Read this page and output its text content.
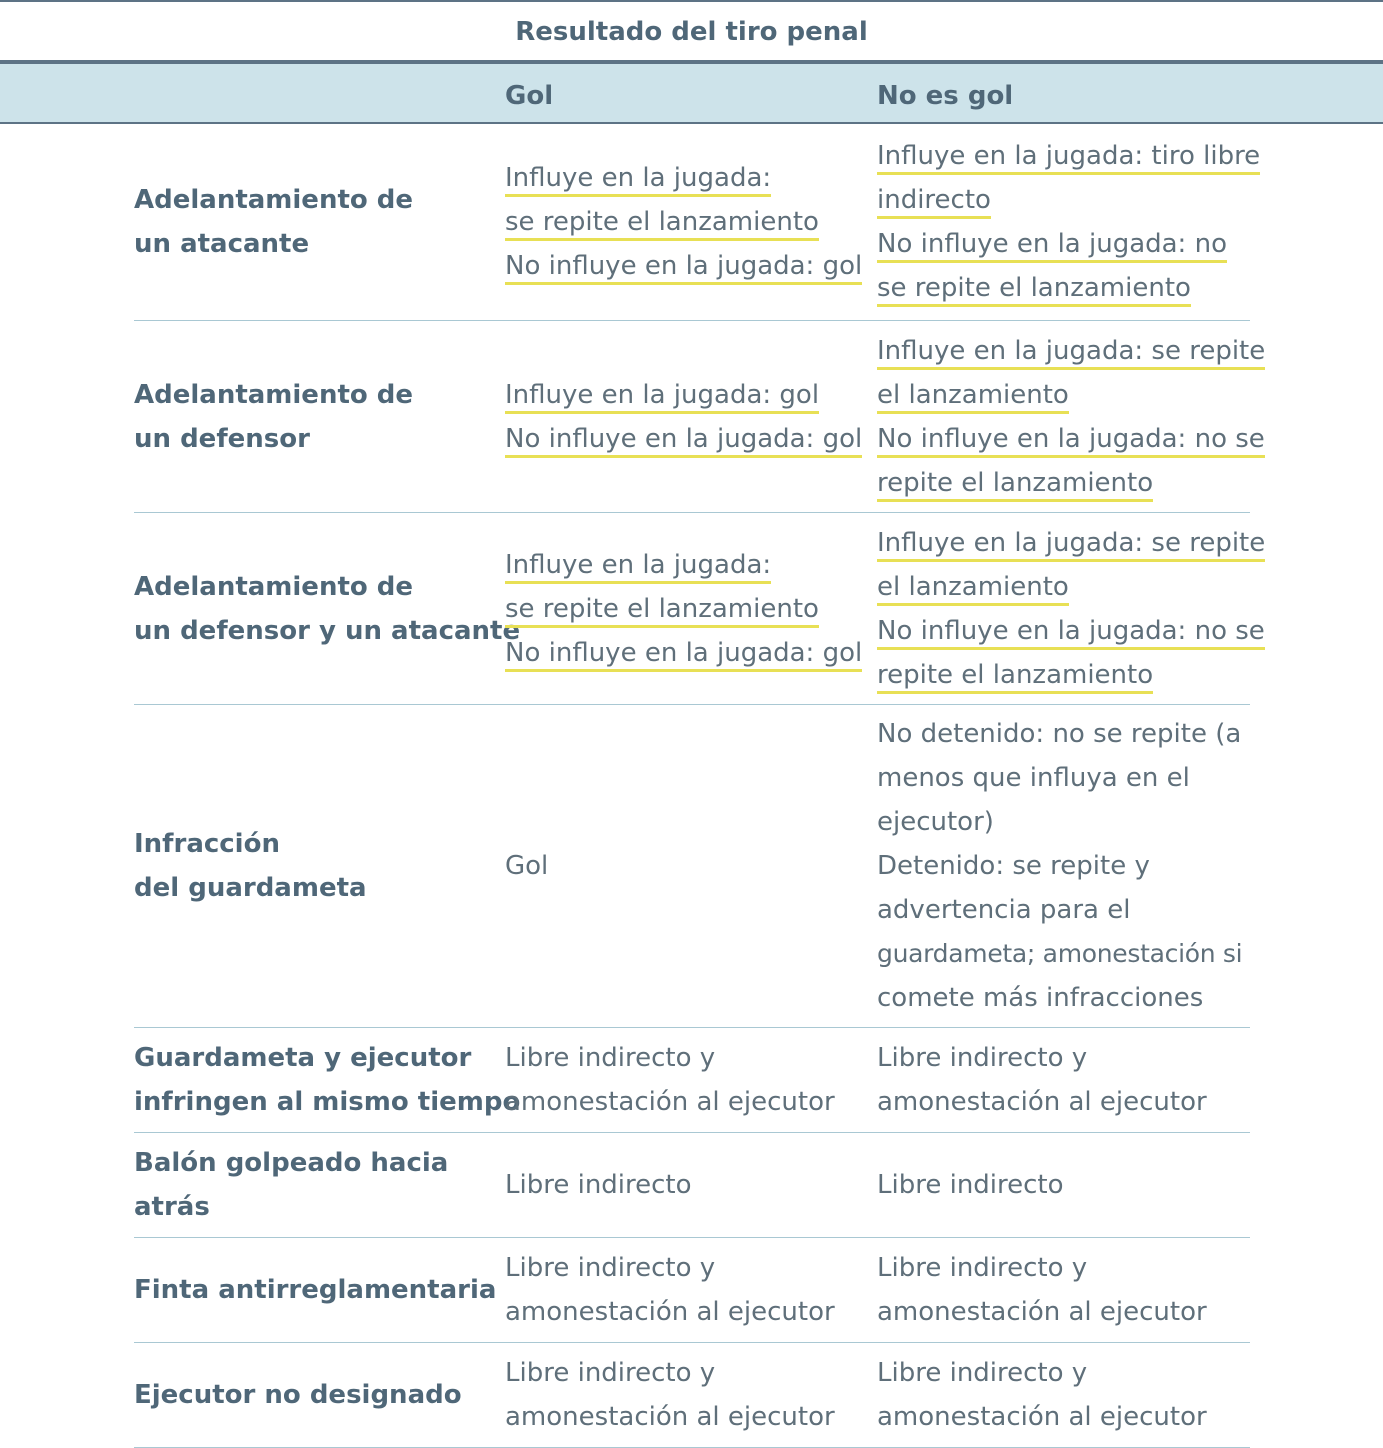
Resultado del tiro penal
Gol	No es gol
Adelantamiento de
un atacante
Influye en la jugada:
se repite el lanzamiento
No influye en la jugada: gol
Influye en la jugada: tiro libre
indirecto
No influye en la jugada: no
se repite el lanzamiento
Adelantamiento de
un defensor
Influye en la jugada: gol
No influye en la jugada: gol
Influye en la jugada: se repite
el lanzamiento
No influye en la jugada: no se
repite el lanzamiento
Adelantamiento de
un defensor y un atacante
Influye en la jugada:
se repite el lanzamiento
No influye en la jugada: gol
Influye en la jugada: se repite
el lanzamiento
No influye en la jugada: no se
repite el lanzamiento
Infracción
del guardameta
Gol
No detenido: no se repite (a
menos que influya en el
ejecutor)
Detenido: se repite y
advertencia para el
guardameta; amonestación si
comete más infracciones
Guardameta y ejecutor
infringen al mismo tiempo
Libre indirecto y
amonestación al ejecutor
Libre indirecto y
amonestación al ejecutor
Balón golpeado hacia
atrás
Libre indirecto	Libre indirecto
Finta antirreglamentaria
Libre indirecto y
amonestación al ejecutor
Libre indirecto y
amonestación al ejecutor
Ejecutor no designado
Libre indirecto y
amonestación al ejecutor
Libre indirecto y
amonestación al ejecutor
